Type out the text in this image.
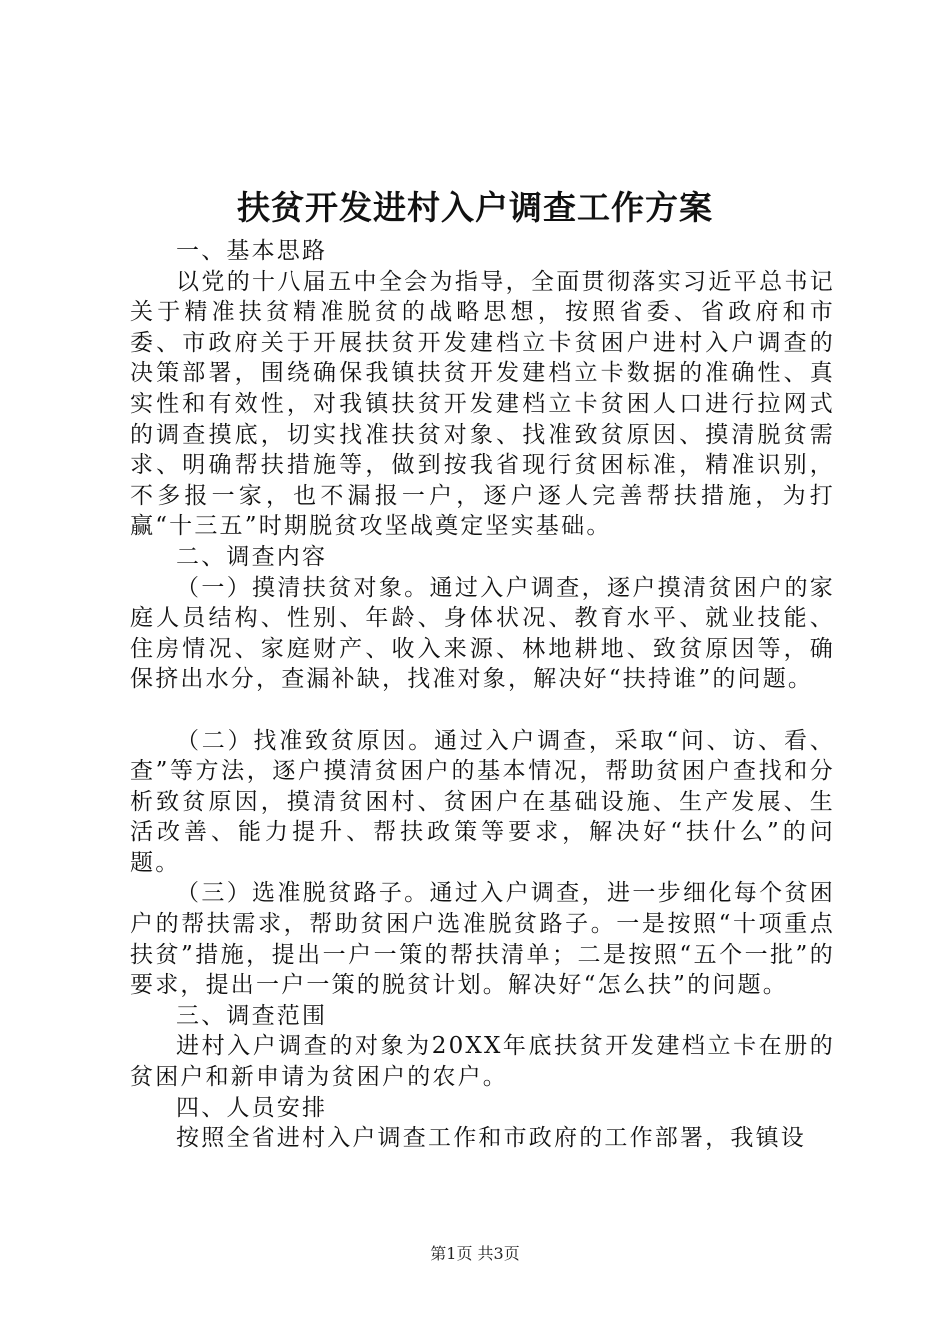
扶贫开发进村入户调查工作方案

一、基本思路

以党的十八届五中全会为指导，全面贯彻落实习近平总书记关于精准扶贫精准脱贫的战略思想，按照省委、省政府和市委、市政府关于开展扶贫开发建档立卡贫困户进村入户调查的决策部署，围绕确保我镇扶贫开发建档立卡数据的准确性、真实性和有效性，对我镇扶贫开发建档立卡贫困人口进行拉网式的调查摸底，切实找准扶贫对象、找准致贫原因、摸清脱贫需求、明确帮扶措施等，做到按我省现行贫困标准，精准识别，不多报一家，也不漏报一户，逐户逐人完善帮扶措施，为打赢“十三五”时期脱贫攻坚战奠定坚实基础。

二、调查内容

（一）摸清扶贫对象。通过入户调查，逐户摸清贫困户的家庭人员结构、性别、年龄、身体状况、教育水平、就业技能、住房情况、家庭财产、收入来源、林地耕地、致贫原因等，确保挤出水分，查漏补缺，找准对象，解决好“扶持谁”的问题。

（二）找准致贫原因。通过入户调查，采取“问、访、看、查”等方法，逐户摸清贫困户的基本情况，帮助贫困户查找和分析致贫原因，摸清贫困村、贫困户在基础设施、生产发展、生活改善、能力提升、帮扶政策等要求，解决好“扶什么”的问题。

（三）选准脱贫路子。通过入户调查，进一步细化每个贫困户的帮扶需求，帮助贫困户选准脱贫路子。一是按照“十项重点扶贫”措施，提出一户一策的帮扶清单；二是按照“五个一批”的要求，提出一户一策的脱贫计划。解决好“怎么扶”的问题。

三、调查范围

进村入户调查的对象为20XX年底扶贫开发建档立卡在册的贫困户和新申请为贫困户的农户。

四、人员安排

按照全省进村入户调查工作和市政府的工作部署，我镇设

第1页 共3页
